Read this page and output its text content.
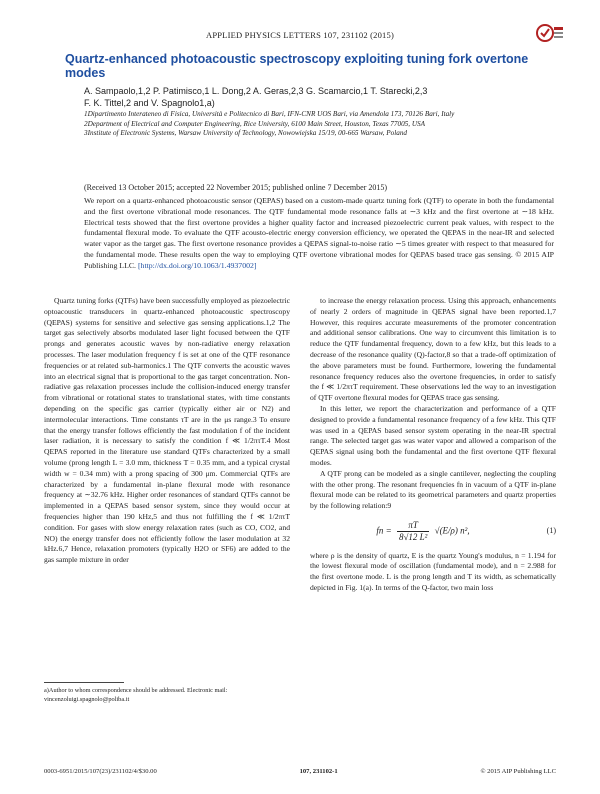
APPLIED PHYSICS LETTERS 107, 231102 (2015)
Quartz-enhanced photoacoustic spectroscopy exploiting tuning fork overtone modes
A. Sampaolo,1,2 P. Patimisco,1 L. Dong,2 A. Geras,2,3 G. Scamarcio,1 T. Starecki,2,3
F. K. Tittel,2 and V. Spagnolo1,a)
1Dipartimento Interateneo di Fisica, Università e Politecnico di Bari, IFN-CNR UOS Bari, via Amendola 173, 70126 Bari, Italy
2Department of Electrical and Computer Engineering, Rice University, 6100 Main Street, Houston, Texas 77005, USA
3Institute of Electronic Systems, Warsaw University of Technology, Nowowiejska 15/19, 00-665 Warsaw, Poland
(Received 13 October 2015; accepted 22 November 2015; published online 7 December 2015)
We report on a quartz-enhanced photoacoustic sensor (QEPAS) based on a custom-made quartz tuning fork (QTF) to operate in both the fundamental and the first overtone vibrational mode resonances. The QTF fundamental mode resonance falls at ∼3 kHz and the first overtone at ∼18 kHz. Electrical tests showed that the first overtone provides a higher quality factor and increased piezoelectric current peak values, with respect to the fundamental flexural mode. To evaluate the QTF acousto-electric energy conversion efficiency, we operated the QEPAS in the near-IR and selected water vapor as the target gas. The first overtone resonance provides a QEPAS signal-to-noise ratio ∼5 times greater with respect to that measured for the fundamental mode. These results open the way to employing QTF overtone vibrational modes for QEPAS based trace gas sensing. © 2015 AIP Publishing LLC. [http://dx.doi.org/10.1063/1.4937002]

Quartz tuning forks (QTFs) have been successfully employed as piezoelectric optoacoustic transducers in quartz-enhanced photoacoustic spectroscopy (QEPAS) systems for sensitive and selective gas sensing applications.1,2 The target gas selectively absorbs modulated laser light focused between the QTF prongs and generates acoustic waves by non-radiative energy relaxation processes. The laser modulation frequency f is set at one of the QTF resonance frequencies or at related sub-harmonics.1 The QTF converts the acoustic waves into an electrical signal that is proportional to the gas target concentration. Non-radiative gas relaxation processes include the collision-induced energy transfer from vibrational or rotational states to translational states, with time constants depending on the specific gas carrier (typically either air or N2) and intermolecular interactions. Time constants τT are in the μs range.3 To ensure that the energy transfer follows efficiently the fast modulation f of the incident laser radiation, it is necessary to satisfy the condition f ≪ 1/2πτT.4 Most QEPAS reported in the literature use standard QTFs characterized by a small volume (prong length L = 3.0 mm, thickness T = 0.35 mm, and a typical crystal width w = 0.34 mm) with a prong spacing of 300 μm. Commercial QTFs are characterized by a fundamental in-plane flexural mode with resonance frequency at ∼32.76 kHz. Higher order resonances of standard QTFs cannot be implemented in a QEPAS based sensor system, since they would occur at frequencies higher than 190 kHz,5 and thus not fulfilling the f ≪ 1/2πτT condition. For gases with slow energy relaxation rates (such as CO, CO2, and NO) the energy transfer does not efficiently follow the laser modulation at 32 kHz.6,7 Hence, relaxation promoters (typically H2O or SF6) are added to the gas sample mixture in order

to increase the energy relaxation process. Using this approach, enhancements of nearly 2 orders of magnitude in QEPAS signal have been reported.1,7 However, this requires accurate measurements of the promoter concentration and additional sensor calibrations. One way to circumvent this limitation is to reduce the QTF fundamental frequency, down to a few kHz, but this leads to a decrease of the resonance quality (Q)-factor,8 so that a trade-off optimization of the above parameters must be found. Furthermore, lowering the fundamental resonance frequency reduces also the overtone frequencies, in order to satisfy the f ≪ 1/2πτT requirement. These observations led the way to an investigation of QTF overtone flexural modes for QEPAS trace gas sensing.

In this letter, we report the characterization and performance of a QTF designed to provide a fundamental resonance frequency of a few kHz. This QTF was used in a QEPAS based sensor system operating in the near-IR spectral range. The selected target gas was water vapor and allowed a comparison of the QEPAS signal using both the fundamental and the first overtone QTF flexural modes.

A QTF prong can be modeled as a single cantilever, neglecting the coupling with the other prong. The resonant frequencies fn in vacuum of a QTF in-plane flexural mode can be related to its geometrical parameters and quartz properties by the following relation:9

fn = $\frac{\pi T}{\text{8√12 L²}} √(E/\rho)$ n²,	(1)

where ρ is the density of quartz, E is the quartz Young's modulus, n = 1.194 for the lowest flexural mode of oscillation (fundamental mode), and n = 2.988 for the first overtone mode. L is the prong length and T its width, as schematically depicted in Fig. 1(a). In terms of the Q-factor, two main loss

a)Author to whom correspondence should be addressed. Electronic mail: vincenzoluigi.spagnolo@poliba.it
0003-6951/2015/107(23)/231102/4/$30.00	107, 231102-1	© 2015 AIP Publishing LLC
